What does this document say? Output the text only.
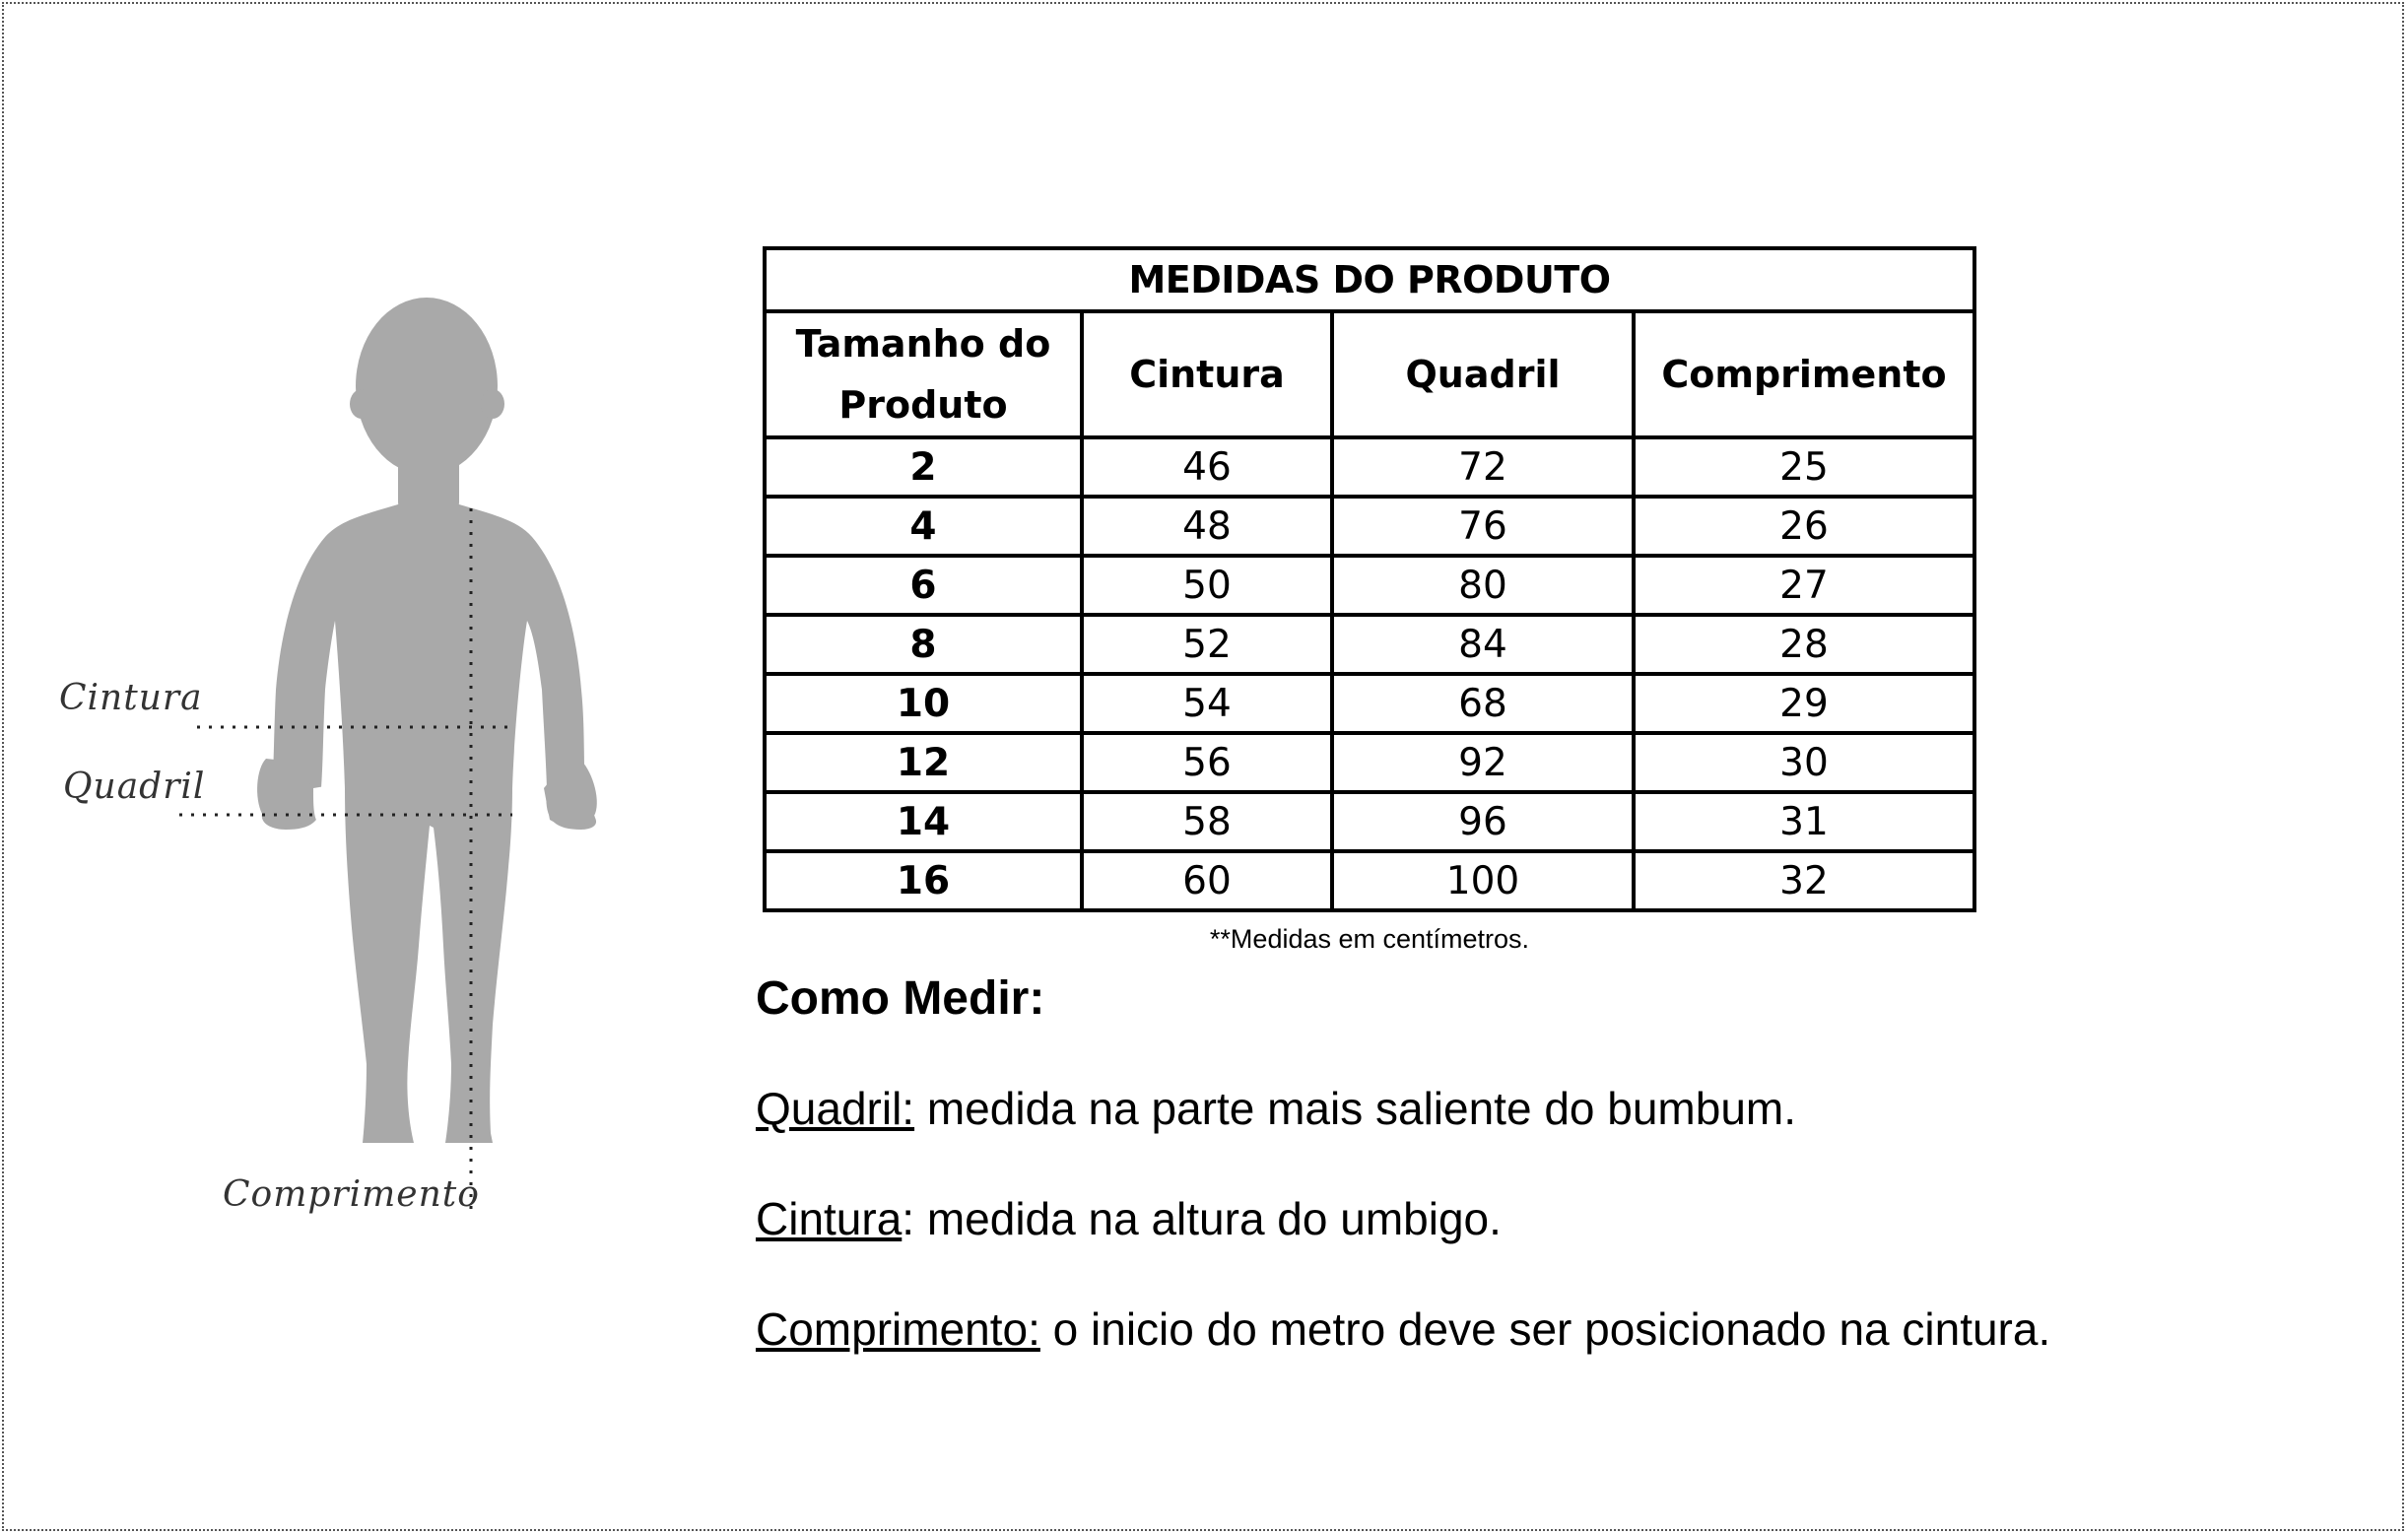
Cintura
Quadril
Comprimento
MEDIDAS DO PRODUTO			
Tamanho do
Produto	Cintura	Quadril	Comprimento
2	46	72	25
4	48	76	26
6	50	80	27
8	52	84	28
10	54	68	29
12	56	92	30
14	58	96	31
16	60	100	32
**Medidas em centímetros.
Como Medir:
Quadril: medida na parte mais saliente do bumbum.
Cintura: medida na altura do umbigo.
Comprimento: o inicio do metro deve ser posicionado na cintura.
